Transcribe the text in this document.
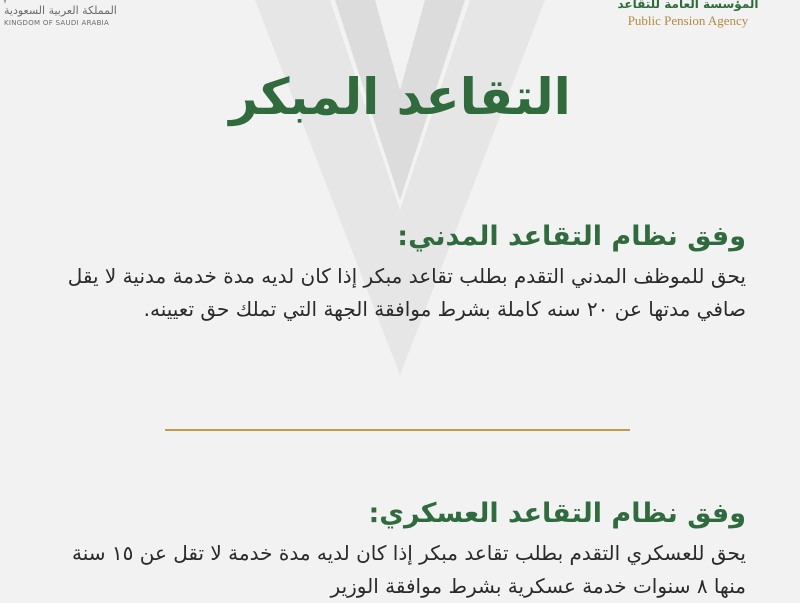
المملكة العربية السعودية
KINGDOM OF SAUDI ARABIA
المؤسسة العامة للتقاعد
Public Pension Agency
التقاعد المبكر
وفق نظام التقاعد المدني:

يحق للموظف المدني التقدم بطلب تقاعد مبكر إذا كان لديه مدة خدمة مدنية لا يقل صافي مدتها عن ٢٠ سنه كاملة بشرط موافقة الجهة التي تملك حق تعيينه.

وفق نظام التقاعد العسكري:

يحق للعسكري التقدم بطلب تقاعد مبكر إذا كان لديه مدة خدمة لا تقل عن ١٥ سنة منها ٨ سنوات خدمة عسكرية بشرط موافقة الوزير
